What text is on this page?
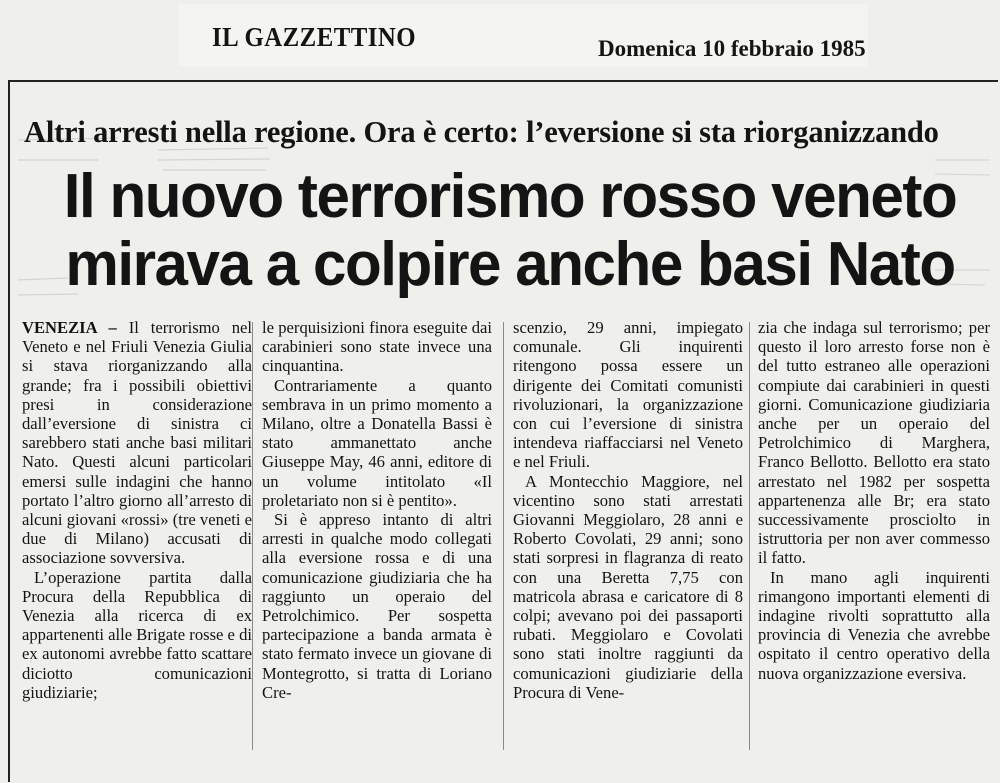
IL GAZZETTINO	Domenica 10 febbraio 1985
Altri arresti nella regione. Ora è certo: l’eversione si sta riorganizzando
Il nuovo terrorismo rosso veneto
mirava a colpire anche basi Nato

VENEZIA – Il terrorismo nel Veneto e nel Friuli Venezia Giulia si stava riorganizzando alla grande; fra i possibili obiettivi presi in considerazione dall’eversione di sinistra ci sarebbero stati anche basi militari Nato. Questi alcuni particolari emersi sulle indagini che hanno portato l’altro giorno all’arresto di alcuni giovani «rossi» (tre veneti e due di Milano) accusati di associazione sovversiva.

L’operazione partita dalla Procura della Repubblica di Venezia alla ricerca di ex appartenenti alle Brigate rosse e di ex autonomi avrebbe fatto scattare diciotto comunicazioni giudiziarie;

le perquisizioni finora eseguite dai carabinieri sono state invece una cinquantina.

Contrariamente a quanto sembrava in un primo momento a Milano, oltre a Donatella Bassi è stato ammanettato anche Giuseppe May, 46 anni, editore di un volume intitolato «Il proletariato non si è pentito».

Si è appreso intanto di altri arresti in qualche modo collegati alla eversione rossa e di una comunicazione giudiziaria che ha raggiunto un operaio del Petrolchimico. Per sospetta partecipazione a banda armata è stato fermato invece un giovane di Montegrotto, si tratta di Loriano Cre-

scenzio, 29 anni, impiegato comunale. Gli inquirenti ritengono possa essere un dirigente dei Comitati comunisti rivoluzionari, la organizzazione con cui l’eversione di sinistra intendeva riaffacciarsi nel Veneto e nel Friuli.

A Montecchio Maggiore, nel vicentino sono stati arrestati Giovanni Meggiolaro, 28 anni e Roberto Covolati, 29 anni; sono stati sorpresi in flagranza di reato con una Beretta 7,75 con matricola abrasa e caricatore di 8 colpi; avevano poi dei passaporti rubati. Meggiolaro e Covolati sono stati inoltre raggiunti da comunicazioni giudiziarie della Procura di Vene-

zia che indaga sul terrorismo; per questo il loro arresto forse non è del tutto estraneo alle operazioni compiute dai carabinieri in questi giorni. Comunicazione giudiziaria anche per un operaio del Petrolchimico di Marghera, Franco Bellotto. Bellotto era stato arrestato nel 1982 per sospetta appartenenza alle Br; era stato successivamente prosciolto in istruttoria per non aver commesso il fatto.

In mano agli inquirenti rimangono importanti elementi di indagine rivolti soprattutto alla provincia di Venezia che avrebbe ospitato il centro operativo della nuova organizzazione eversiva.
